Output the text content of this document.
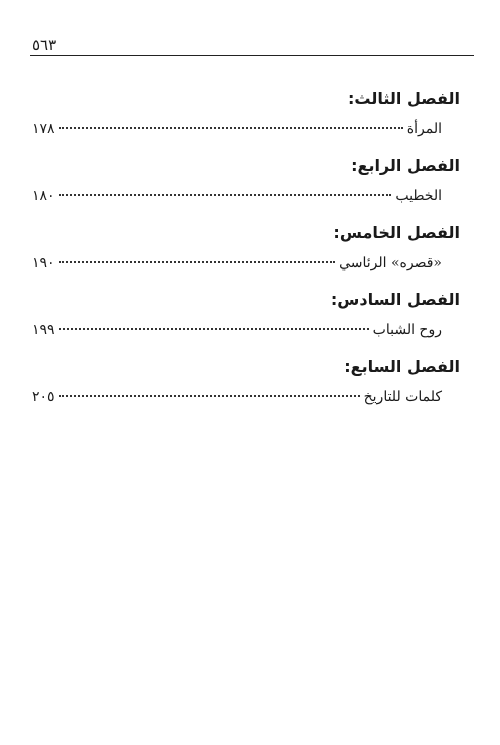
٥٦٣
الفصل الثالث:
المرأة
١٧٨
الفصل الرابع:
الخطيب
١٨٠
الفصل الخامس:
«قصره» الرئاسي
١٩٠
الفصل السادس:
روح الشباب
١٩٩
الفصل السابع:
كلمات للتاريخ
٢٠٥
